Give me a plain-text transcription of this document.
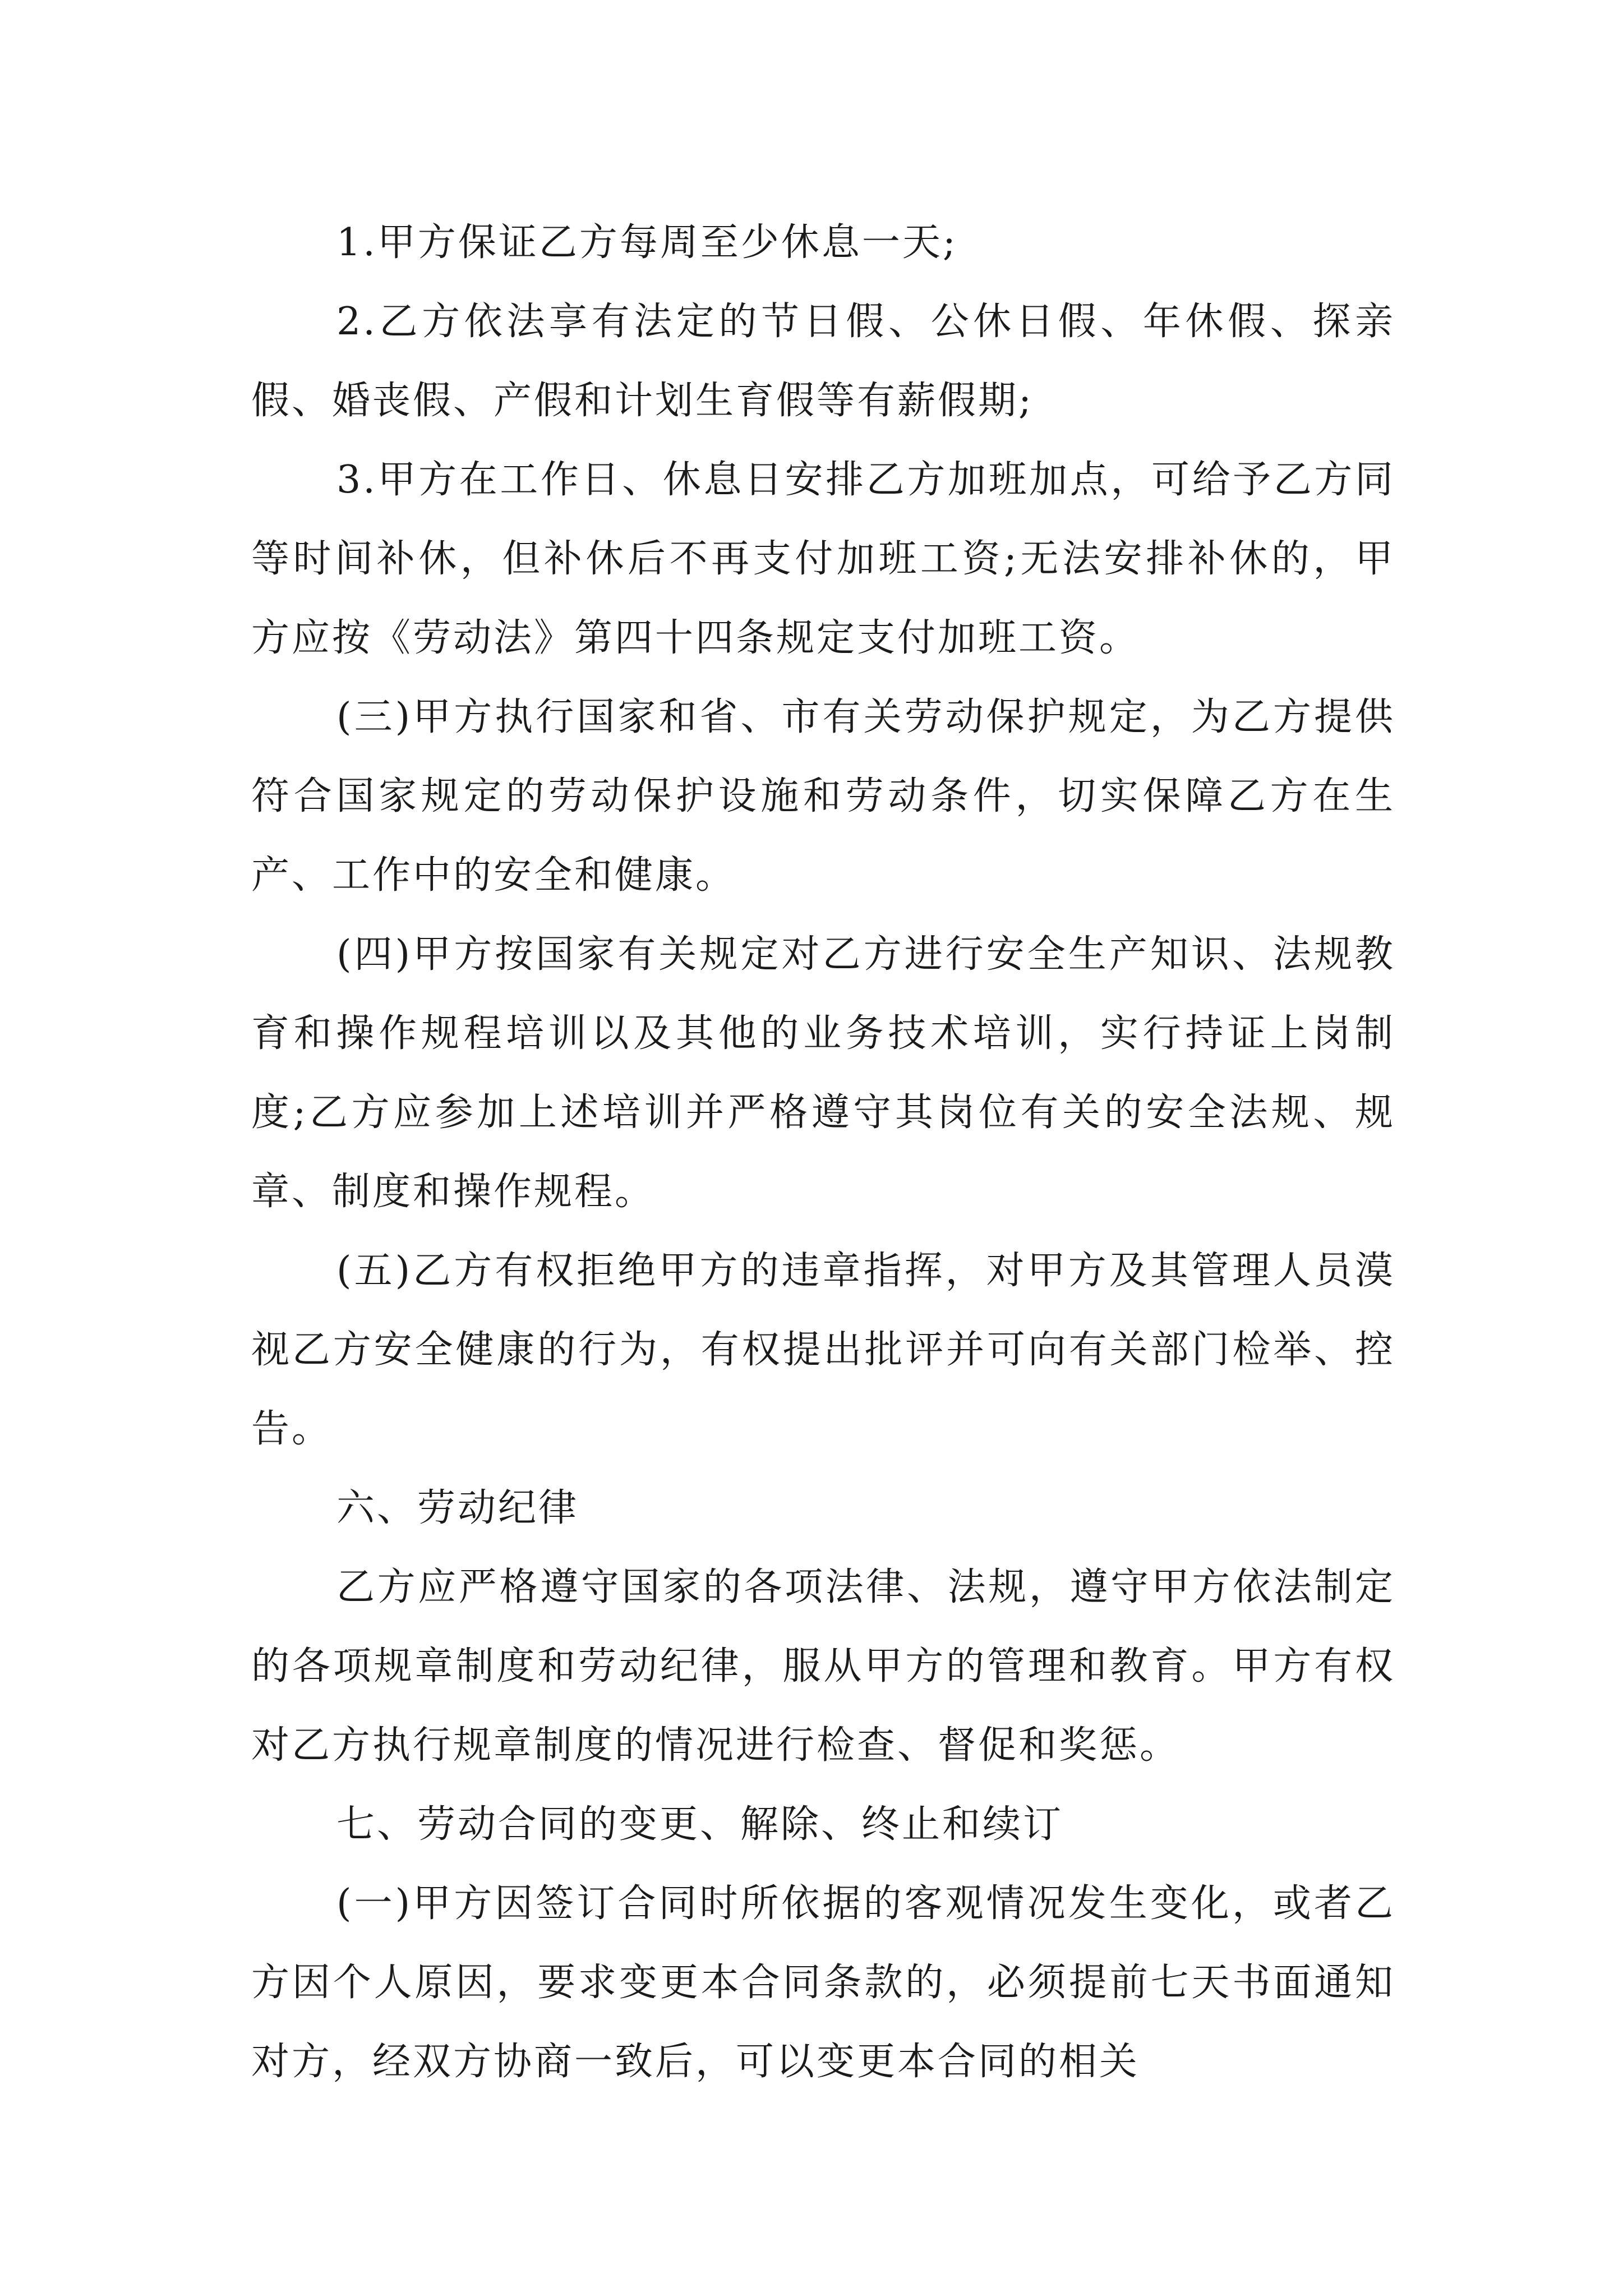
1.甲方保证乙方每周至少休息一天;

2.乙方依法享有法定的节日假、公休日假、年休假、探亲假、婚丧假、产假和计划生育假等有薪假期;

3.甲方在工作日、休息日安排乙方加班加点，可给予乙方同等时间补休，但补休后不再支付加班工资;无法安排补休的，甲方应按《劳动法》第四十四条规定支付加班工资。

(三)甲方执行国家和省、市有关劳动保护规定，为乙方提供符合国家规定的劳动保护设施和劳动条件，切实保障乙方在生产、工作中的安全和健康。

(四)甲方按国家有关规定对乙方进行安全生产知识、法规教育和操作规程培训以及其他的业务技术培训，实行持证上岗制度;乙方应参加上述培训并严格遵守其岗位有关的安全法规、规章、制度和操作规程。

(五)乙方有权拒绝甲方的违章指挥，对甲方及其管理人员漠视乙方安全健康的行为，有权提出批评并可向有关部门检举、控告。

六、劳动纪律

乙方应严格遵守国家的各项法律、法规，遵守甲方依法制定的各项规章制度和劳动纪律，服从甲方的管理和教育。甲方有权对乙方执行规章制度的情况进行检查、督促和奖惩。

七、劳动合同的变更、解除、终止和续订

(一)甲方因签订合同时所依据的客观情况发生变化，或者乙方因个人原因，要求变更本合同条款的，必须提前七天书面通知对方，经双方协商一致后，可以变更本合同的相关
